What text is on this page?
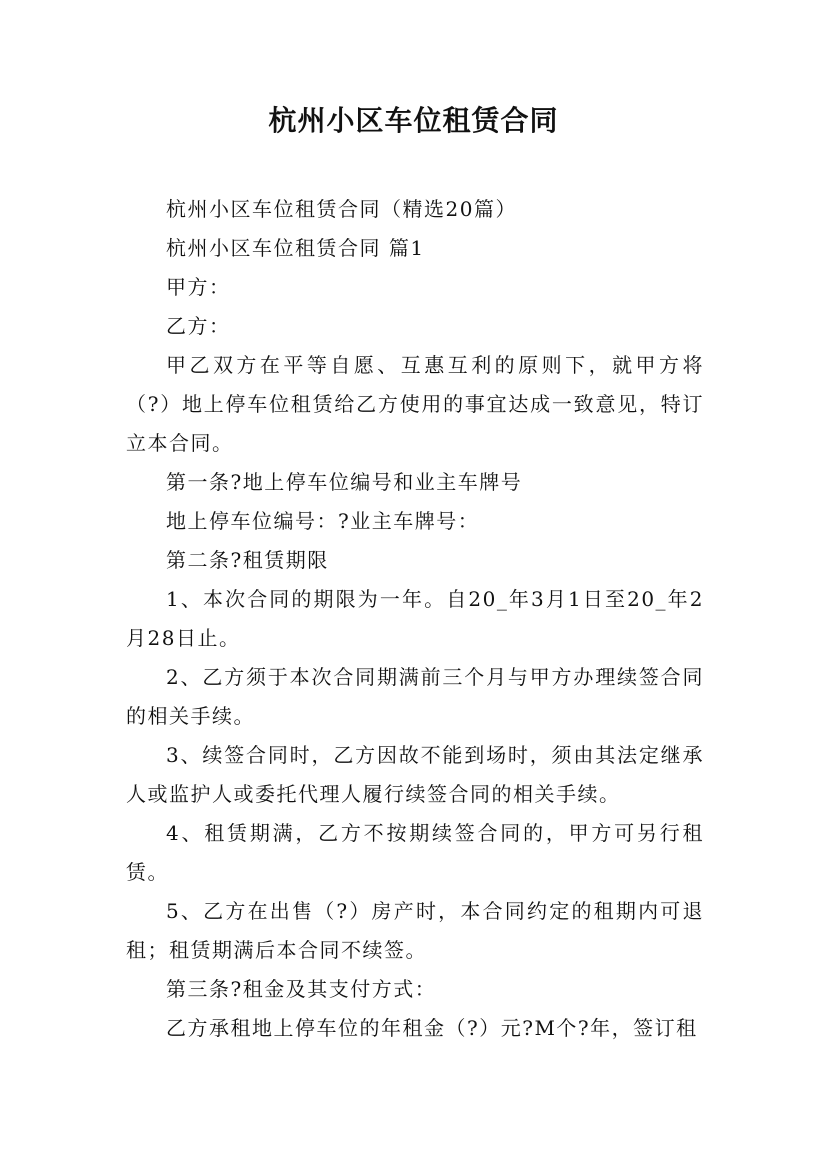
杭州小区车位租赁合同

杭州小区车位租赁合同（精选20篇）

杭州小区车位租赁合同 篇1

甲方：

乙方：

甲乙双方在平等自愿、互惠互利的原则下，就甲方将（?）地上停车位租赁给乙方使用的事宜达成一致意见，特订立本合同。

第一条?地上停车位编号和业主车牌号

地上停车位编号：?业主车牌号：

第二条?租赁期限

1、本次合同的期限为一年。自20_年3月1日至20_年2月28日止。

2、乙方须于本次合同期满前三个月与甲方办理续签合同的相关手续。

3、续签合同时，乙方因故不能到场时，须由其法定继承人或监护人或委托代理人履行续签合同的相关手续。

4、租赁期满，乙方不按期续签合同的，甲方可另行租赁。

5、乙方在出售（?）房产时，本合同约定的租期内可退租；租赁期满后本合同不续签。

第三条?租金及其支付方式：

乙方承租地上停车位的年租金（?）元?M个?年，签订租
